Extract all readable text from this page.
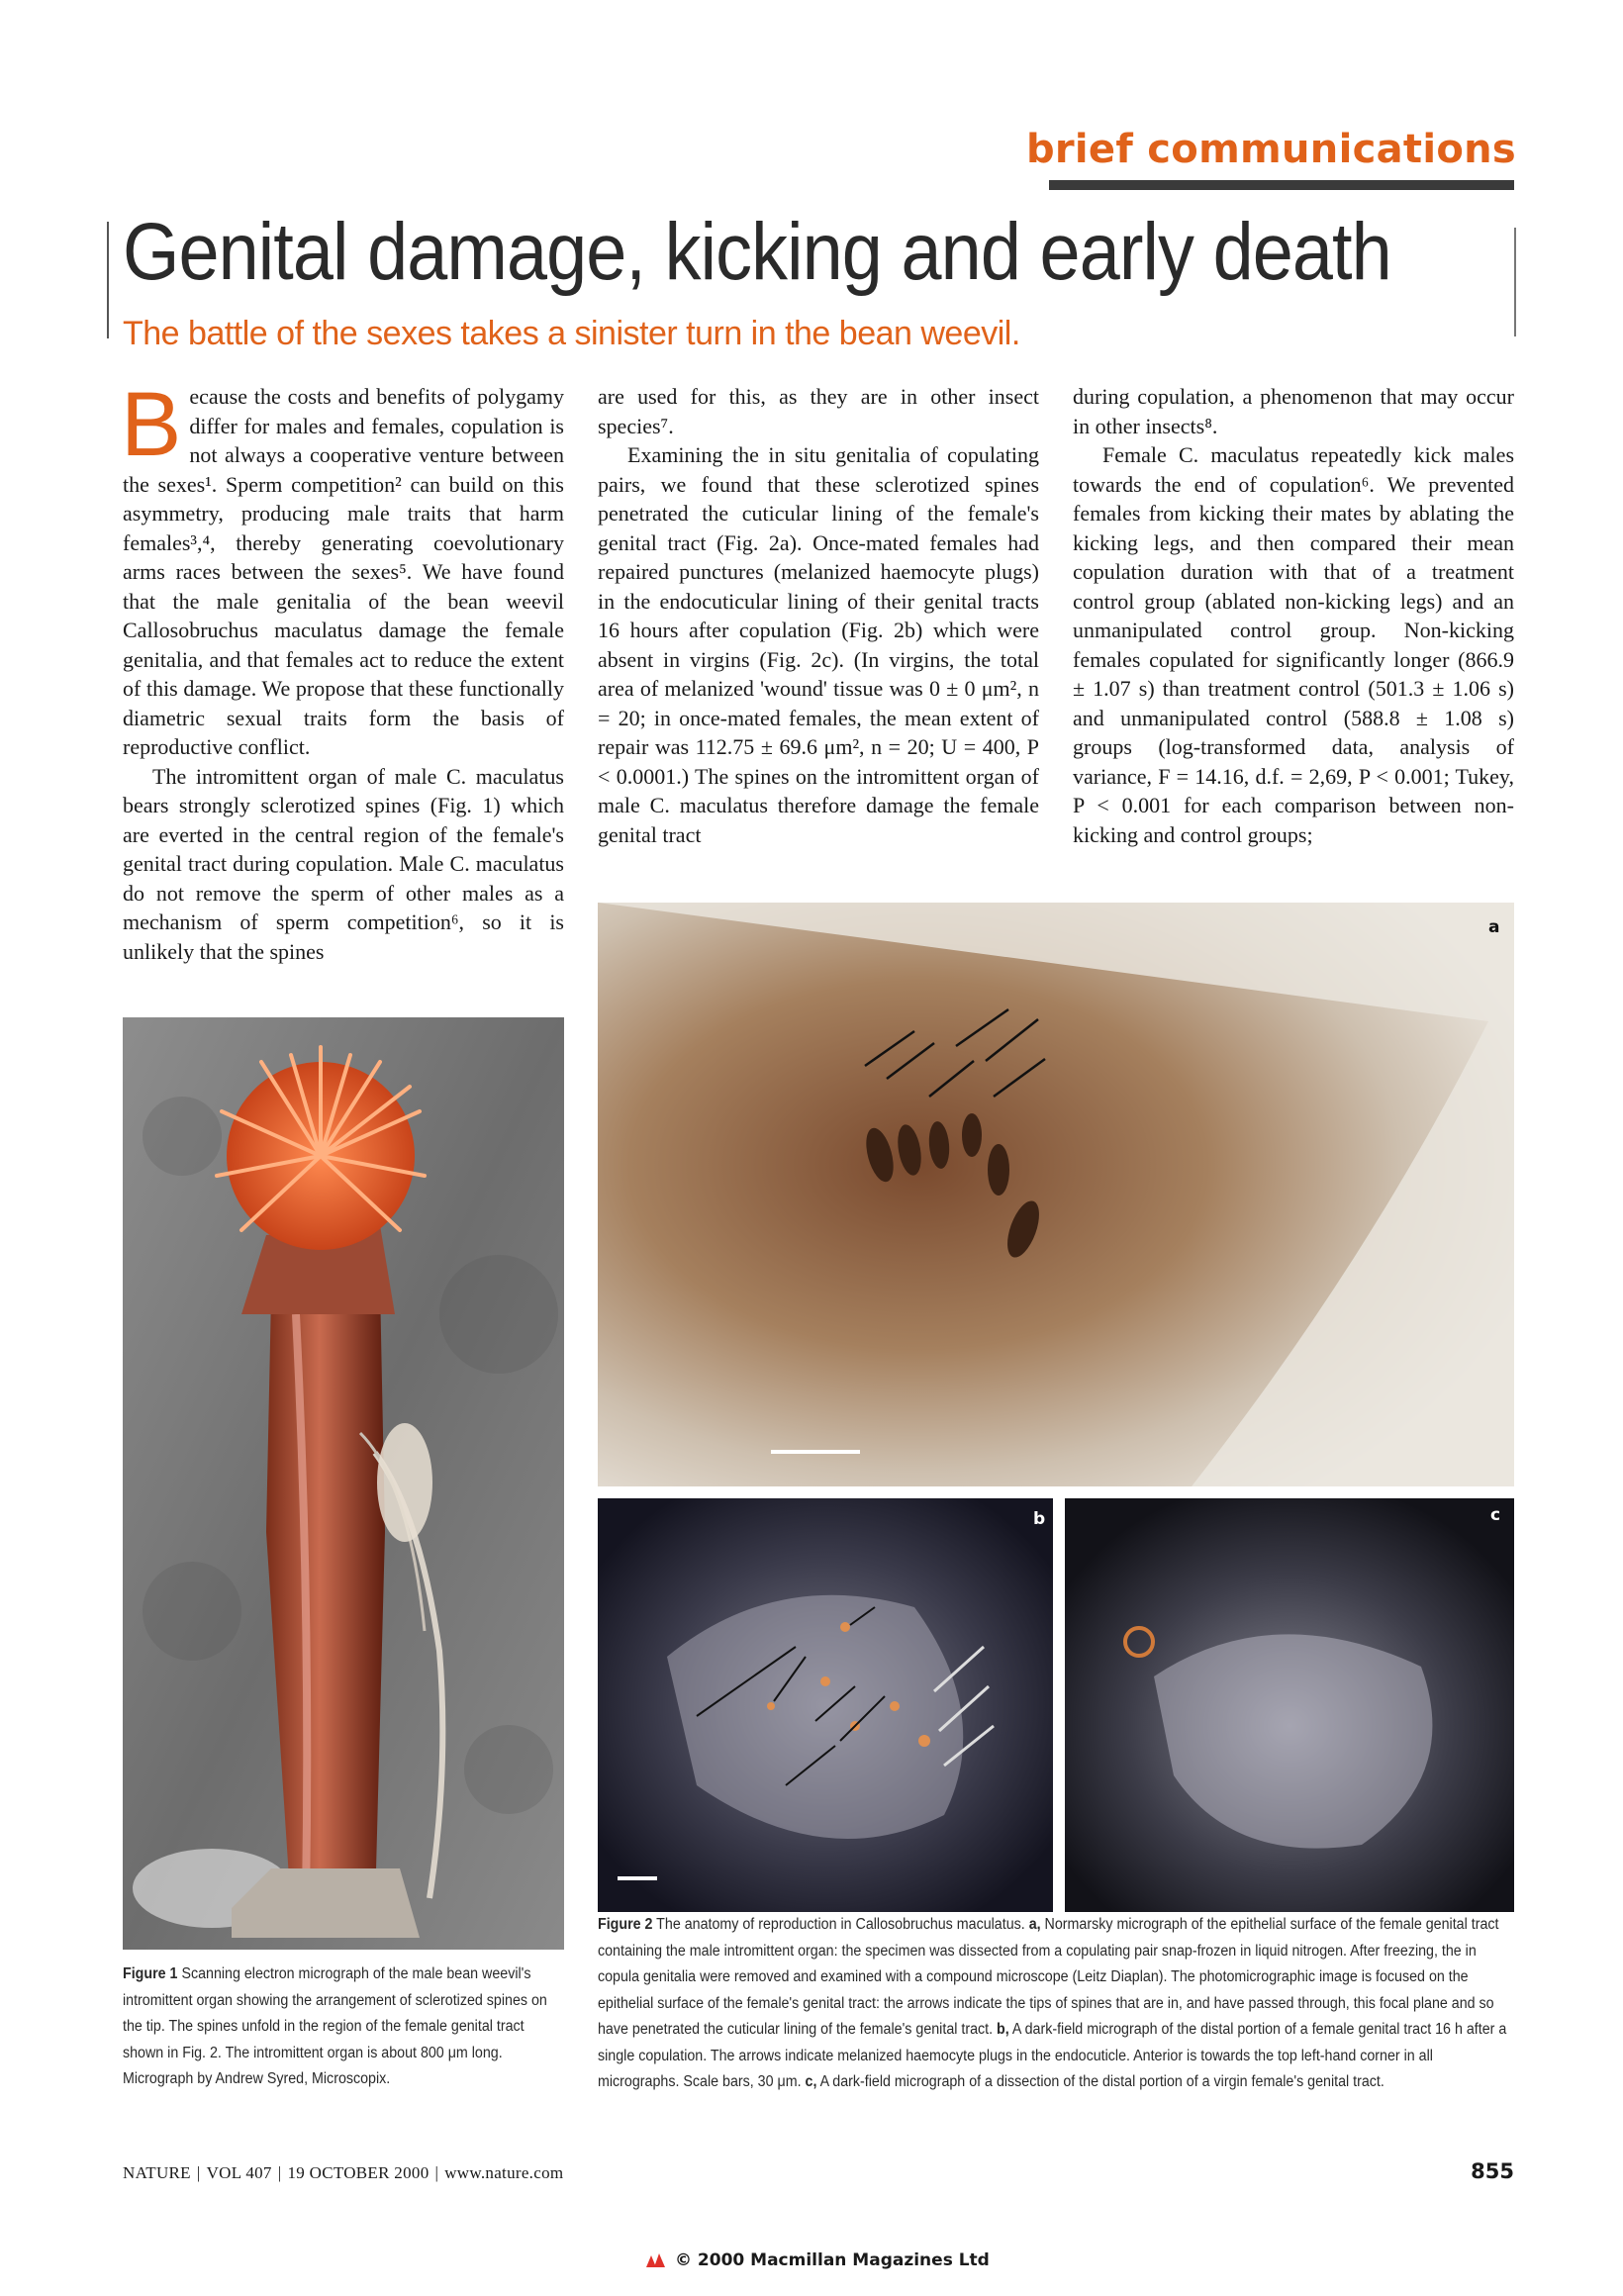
brief communications
Genital damage, kicking and early death
The battle of the sexes takes a sinister turn in the bean weevil.

Because the costs and benefits of polygamy differ for males and females, copulation is not always a cooperative venture between the sexes¹. Sperm competition² can build on this asymmetry, producing male traits that harm females³,⁴, thereby generating coevolutionary arms races between the sexes⁵. We have found that the male genitalia of the bean weevil Callosobruchus maculatus damage the female genitalia, and that females act to reduce the extent of this damage. We propose that these functionally diametric sexual traits form the basis of reproductive conflict.

The intromittent organ of male C. maculatus bears strongly sclerotized spines (Fig. 1) which are everted in the central region of the female's genital tract during copulation. Male C. maculatus do not remove the sperm of other males as a mechanism of sperm competition⁶, so it is unlikely that the spines

are used for this, as they are in other insect species⁷.

Examining the in situ genitalia of copulating pairs, we found that these sclerotized spines penetrated the cuticular lining of the female's genital tract (Fig. 2a). Once-mated females had repaired punctures (melanized haemocyte plugs) in the endocuticular lining of their genital tracts 16 hours after copulation (Fig. 2b) which were absent in virgins (Fig. 2c). (In virgins, the total area of melanized 'wound' tissue was 0 ± 0 μm², n = 20; in once-mated females, the mean extent of repair was 112.75 ± 69.6 μm², n = 20; U = 400, P < 0.0001.) The spines on the intromittent organ of male C. maculatus therefore damage the female genital tract

during copulation, a phenomenon that may occur in other insects⁸.

Female C. maculatus repeatedly kick males towards the end of copulation⁶. We prevented females from kicking their mates by ablating the kicking legs, and then compared their mean copulation duration with that of a treatment control group (ablated non-kicking legs) and an unmanipulated control group. Non-kicking females copulated for significantly longer (866.9 ± 1.07 s) than treatment control (501.3 ± 1.06 s) and unmanipulated control (588.8 ± 1.08 s) groups (log-transformed data, analysis of variance, F = 14.16, d.f. = 2,69, P < 0.001; Tukey, P < 0.001 for each comparison between non-kicking and control groups;

a
b	c
Figure 1 Scanning electron micrograph of the male bean weevil's intromittent organ showing the arrangement of sclerotized spines on the tip. The spines unfold in the region of the female genital tract shown in Fig. 2. The intromittent organ is about 800 μm long. Micrograph by Andrew Syred, Microscopix.
Figure 2 The anatomy of reproduction in Callosobruchus maculatus. a, Normarsky micrograph of the epithelial surface of the female genital tract containing the male intromittent organ: the specimen was dissected from a copulating pair snap-frozen in liquid nitrogen. After freezing, the in copula genitalia were removed and examined with a compound microscope (Leitz Diaplan). The photomicrographic image is focused on the epithelial surface of the female's genital tract: the arrows indicate the tips of spines that are in, and have passed through, this focal plane and so have penetrated the cuticular lining of the female's genital tract. b, A dark-field micrograph of the distal portion of a female genital tract 16 h after a single copulation. The arrows indicate melanized haemocyte plugs in the endocuticle. Anterior is towards the top left-hand corner in all micrographs. Scale bars, 30 μm. c, A dark-field micrograph of a dissection of the distal portion of a virgin female's genital tract.
NATURE | VOL 407 | 19 OCTOBER 2000 | www.nature.com	855
© 2000 Macmillan Magazines Ltd
